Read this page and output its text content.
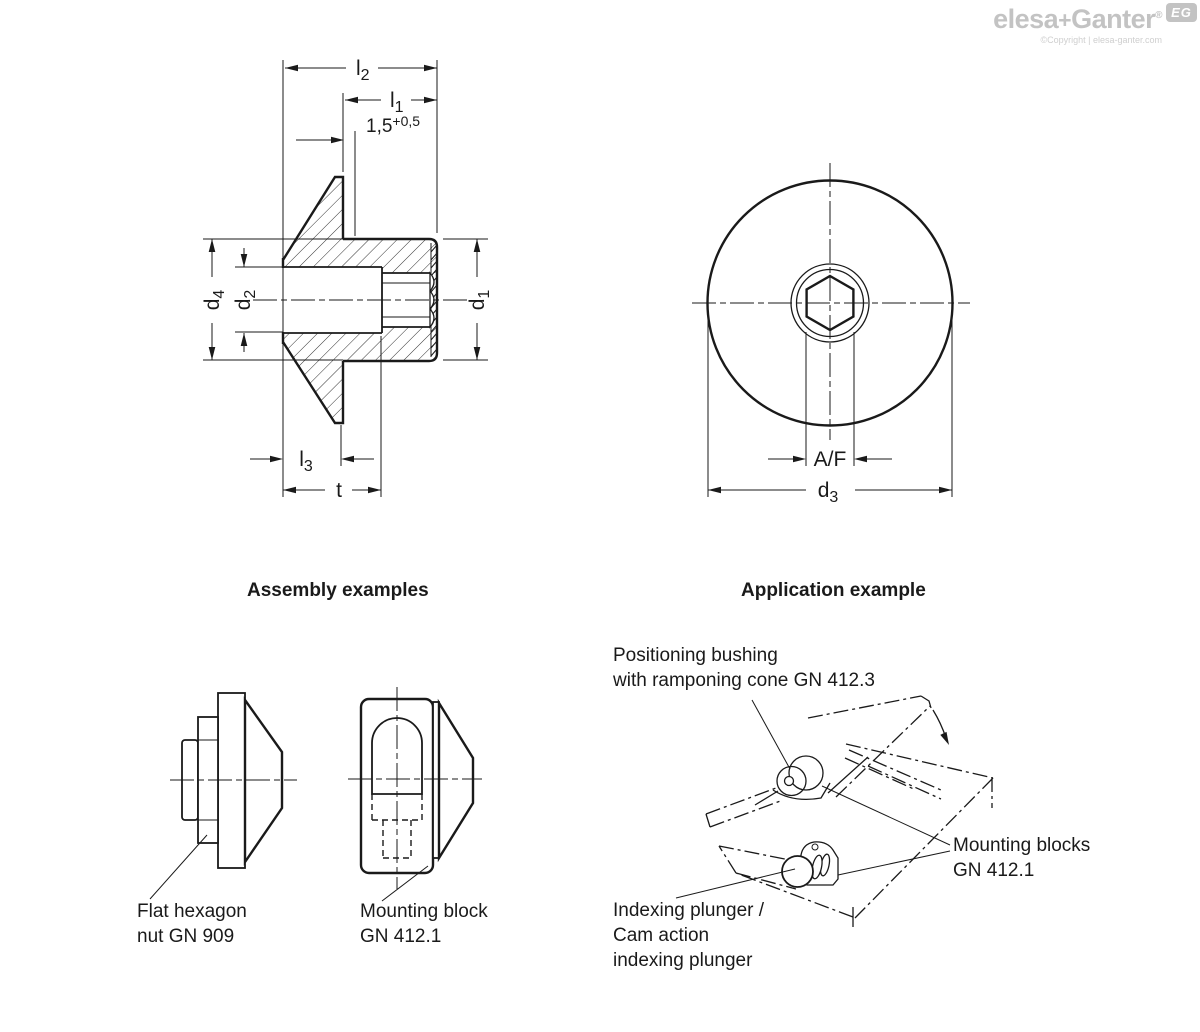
elesa+Ganter®
©Copyright | elesa-ganter.com
EG
$l_2$
$l_1$
$1,5^{+0,5}$
$d_4$
$d_2$
$d_1$
$l_3$
t
A/F
$d_3$
Assembly examples	Application example
Flat hexagon
nut GN 909
Mounting block
GN 412.1
Positioning bushing
with ramponing cone GN 412.3
Mounting blocks
GN 412.1
Indexing plunger /
Cam action
indexing plunger
